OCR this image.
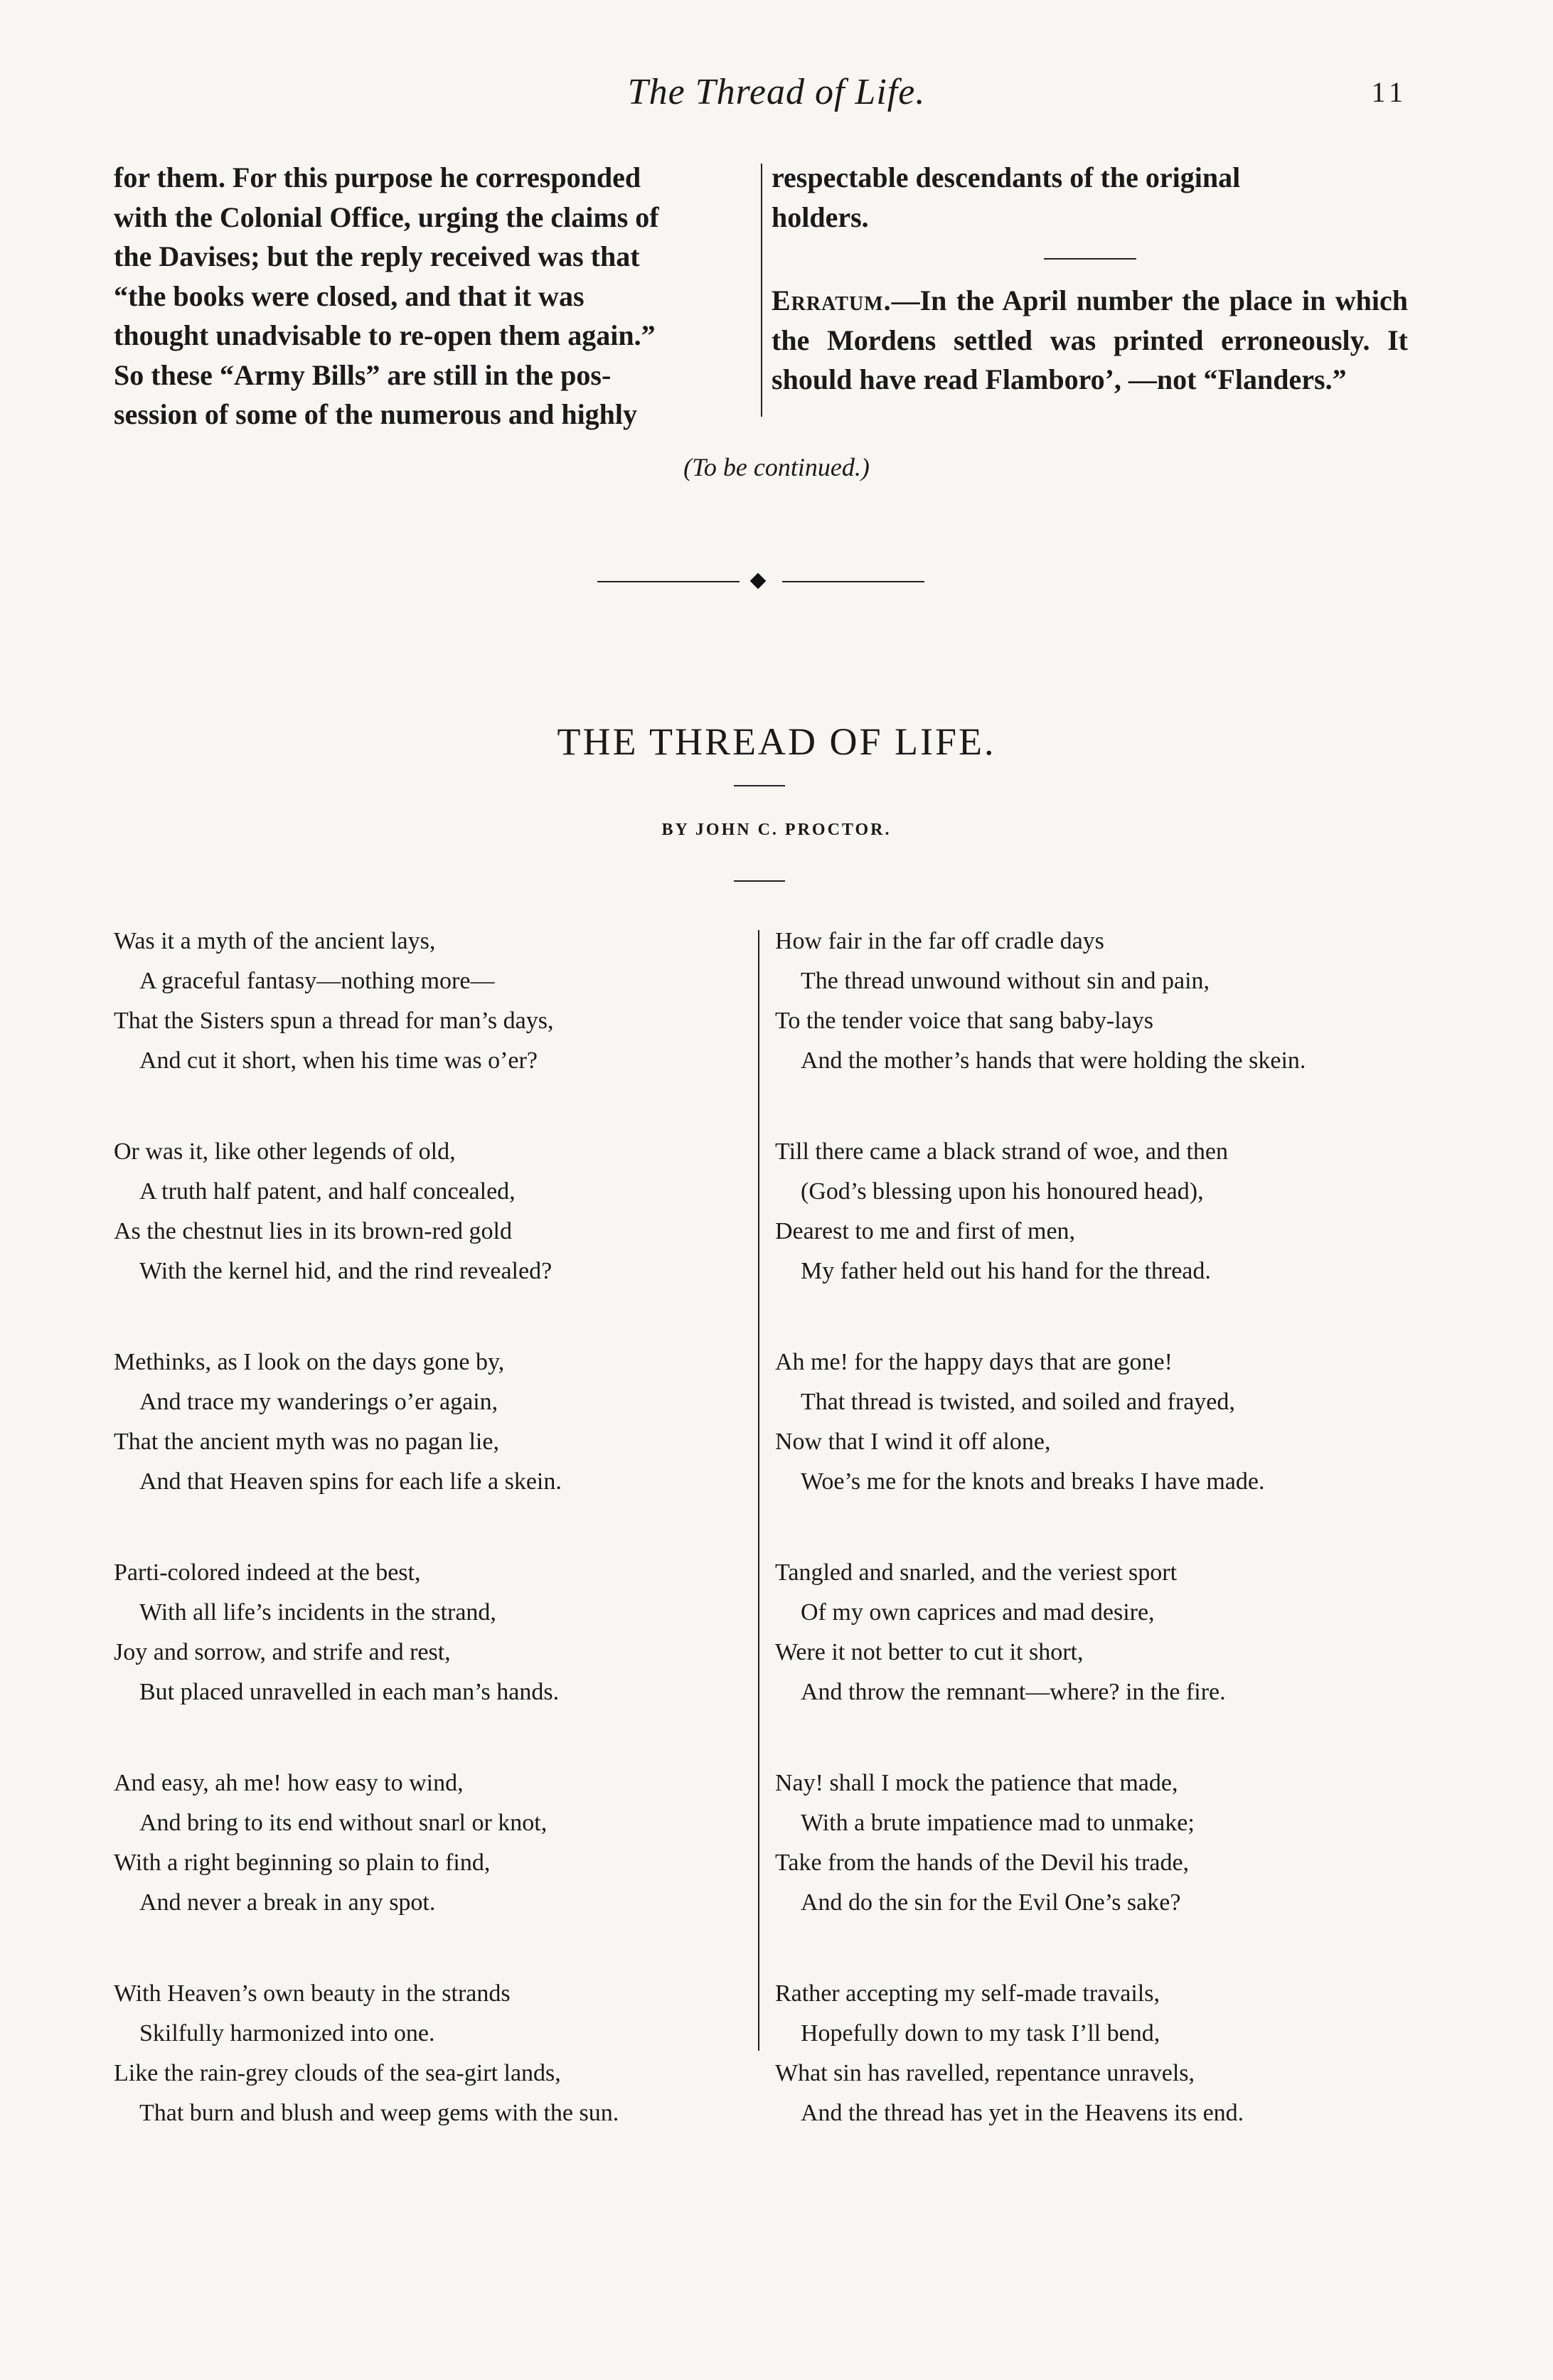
The Thread of Life.	11

for them. For this purpose he corresponded

with the Colonial Office, urging the claims of

the Davises; but the reply received was that

“the books were closed, and that it was

thought unadvisable to re-open them again.”

So these “Army Bills” are still in the pos-

session of some of the numerous and highly

respectable descendants of the original

holders.

Erratum.—In the April number the place in which the Mordens settled was printed erroneously. It should have read Flamboro’, —not “Flanders.”

(To be continued.)
THE THREAD OF LIFE.
BY JOHN C. PROCTOR.
Was it a myth of the ancient lays,
A graceful fantasy—nothing more—
That the Sisters spun a thread for man’s days,
And cut it short, when his time was o’er?
Or was it, like other legends of old,
A truth half patent, and half concealed,
As the chestnut lies in its brown-red gold
With the kernel hid, and the rind revealed?
Methinks, as I look on the days gone by,
And trace my wanderings o’er again,
That the ancient myth was no pagan lie,
And that Heaven spins for each life a skein.
Parti-colored indeed at the best,
With all life’s incidents in the strand,
Joy and sorrow, and strife and rest,
But placed unravelled in each man’s hands.
And easy, ah me! how easy to wind,
And bring to its end without snarl or knot,
With a right beginning so plain to find,
And never a break in any spot.
With Heaven’s own beauty in the strands
Skilfully harmonized into one.
Like the rain-grey clouds of the sea-girt lands,
That burn and blush and weep gems with the sun.
How fair in the far off cradle days
The thread unwound without sin and pain,
To the tender voice that sang baby-lays
And the mother’s hands that were holding the skein.
Till there came a black strand of woe, and then
(God’s blessing upon his honoured head),
Dearest to me and first of men,
My father held out his hand for the thread.
Ah me! for the happy days that are gone!
That thread is twisted, and soiled and frayed,
Now that I wind it off alone,
Woe’s me for the knots and breaks I have made.
Tangled and snarled, and the veriest sport
Of my own caprices and mad desire,
Were it not better to cut it short,
And throw the remnant—where? in the fire.
Nay! shall I mock the patience that made,
With a brute impatience mad to unmake;
Take from the hands of the Devil his trade,
And do the sin for the Evil One’s sake?
Rather accepting my self-made travails,
Hopefully down to my task I’ll bend,
What sin has ravelled, repentance unravels,
And the thread has yet in the Heavens its end.
